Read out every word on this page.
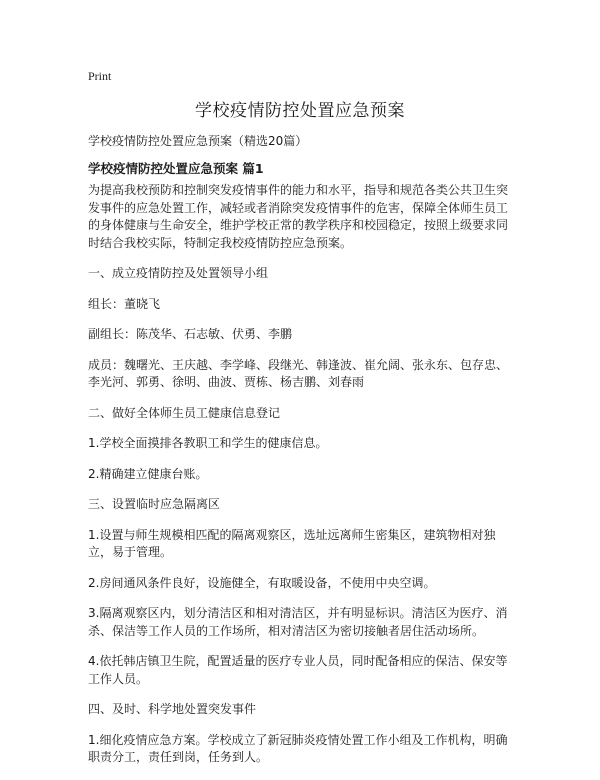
Print
学校疫情防控处置应急预案

学校疫情防控处置应急预案（精选20篇）

学校疫情防控处置应急预案 篇1

为提高我校预防和控制突发疫情事件的能力和水平，指导和规范各类公共卫生突发事件的应急处置工作，减轻或者消除突发疫情事件的危害，保障全体师生员工的身体健康与生命安全，维护学校正常的教学秩序和校园稳定，按照上级要求同时结合我校实际，特制定我校疫情防控应急预案。

一、成立疫情防控及处置领导小组

组长：董晓飞

副组长：陈茂华、石志敏、伏勇、李鹏

成员：魏曙光、王庆越、李学峰、段继光、韩逢波、崔允阔、张永东、包存忠、李光河、郭勇、徐明、曲波、贾栋、杨吉鹏、刘春雨

二、做好全体师生员工健康信息登记

1.学校全面摸排各教职工和学生的健康信息。

2.精确建立健康台账。

三、设置临时应急隔离区

1.设置与师生规模相匹配的隔离观察区，选址远离师生密集区，建筑物相对独立，易于管理。

2.房间通风条件良好，设施健全，有取暖设备，不使用中央空调。

3.隔离观察区内，划分清洁区和相对清洁区，并有明显标识。清洁区为医疗、消杀、保洁等工作人员的工作场所，相对清洁区为密切接触者居住活动场所。

4.依托韩店镇卫生院，配置适量的医疗专业人员，同时配备相应的保洁、保安等工作人员。

四、及时、科学地处置突发事件

1.细化疫情应急方案。学校成立了新冠肺炎疫情处置工作小组及工作机构，明确职责分工，责任到岗，任务到人。
